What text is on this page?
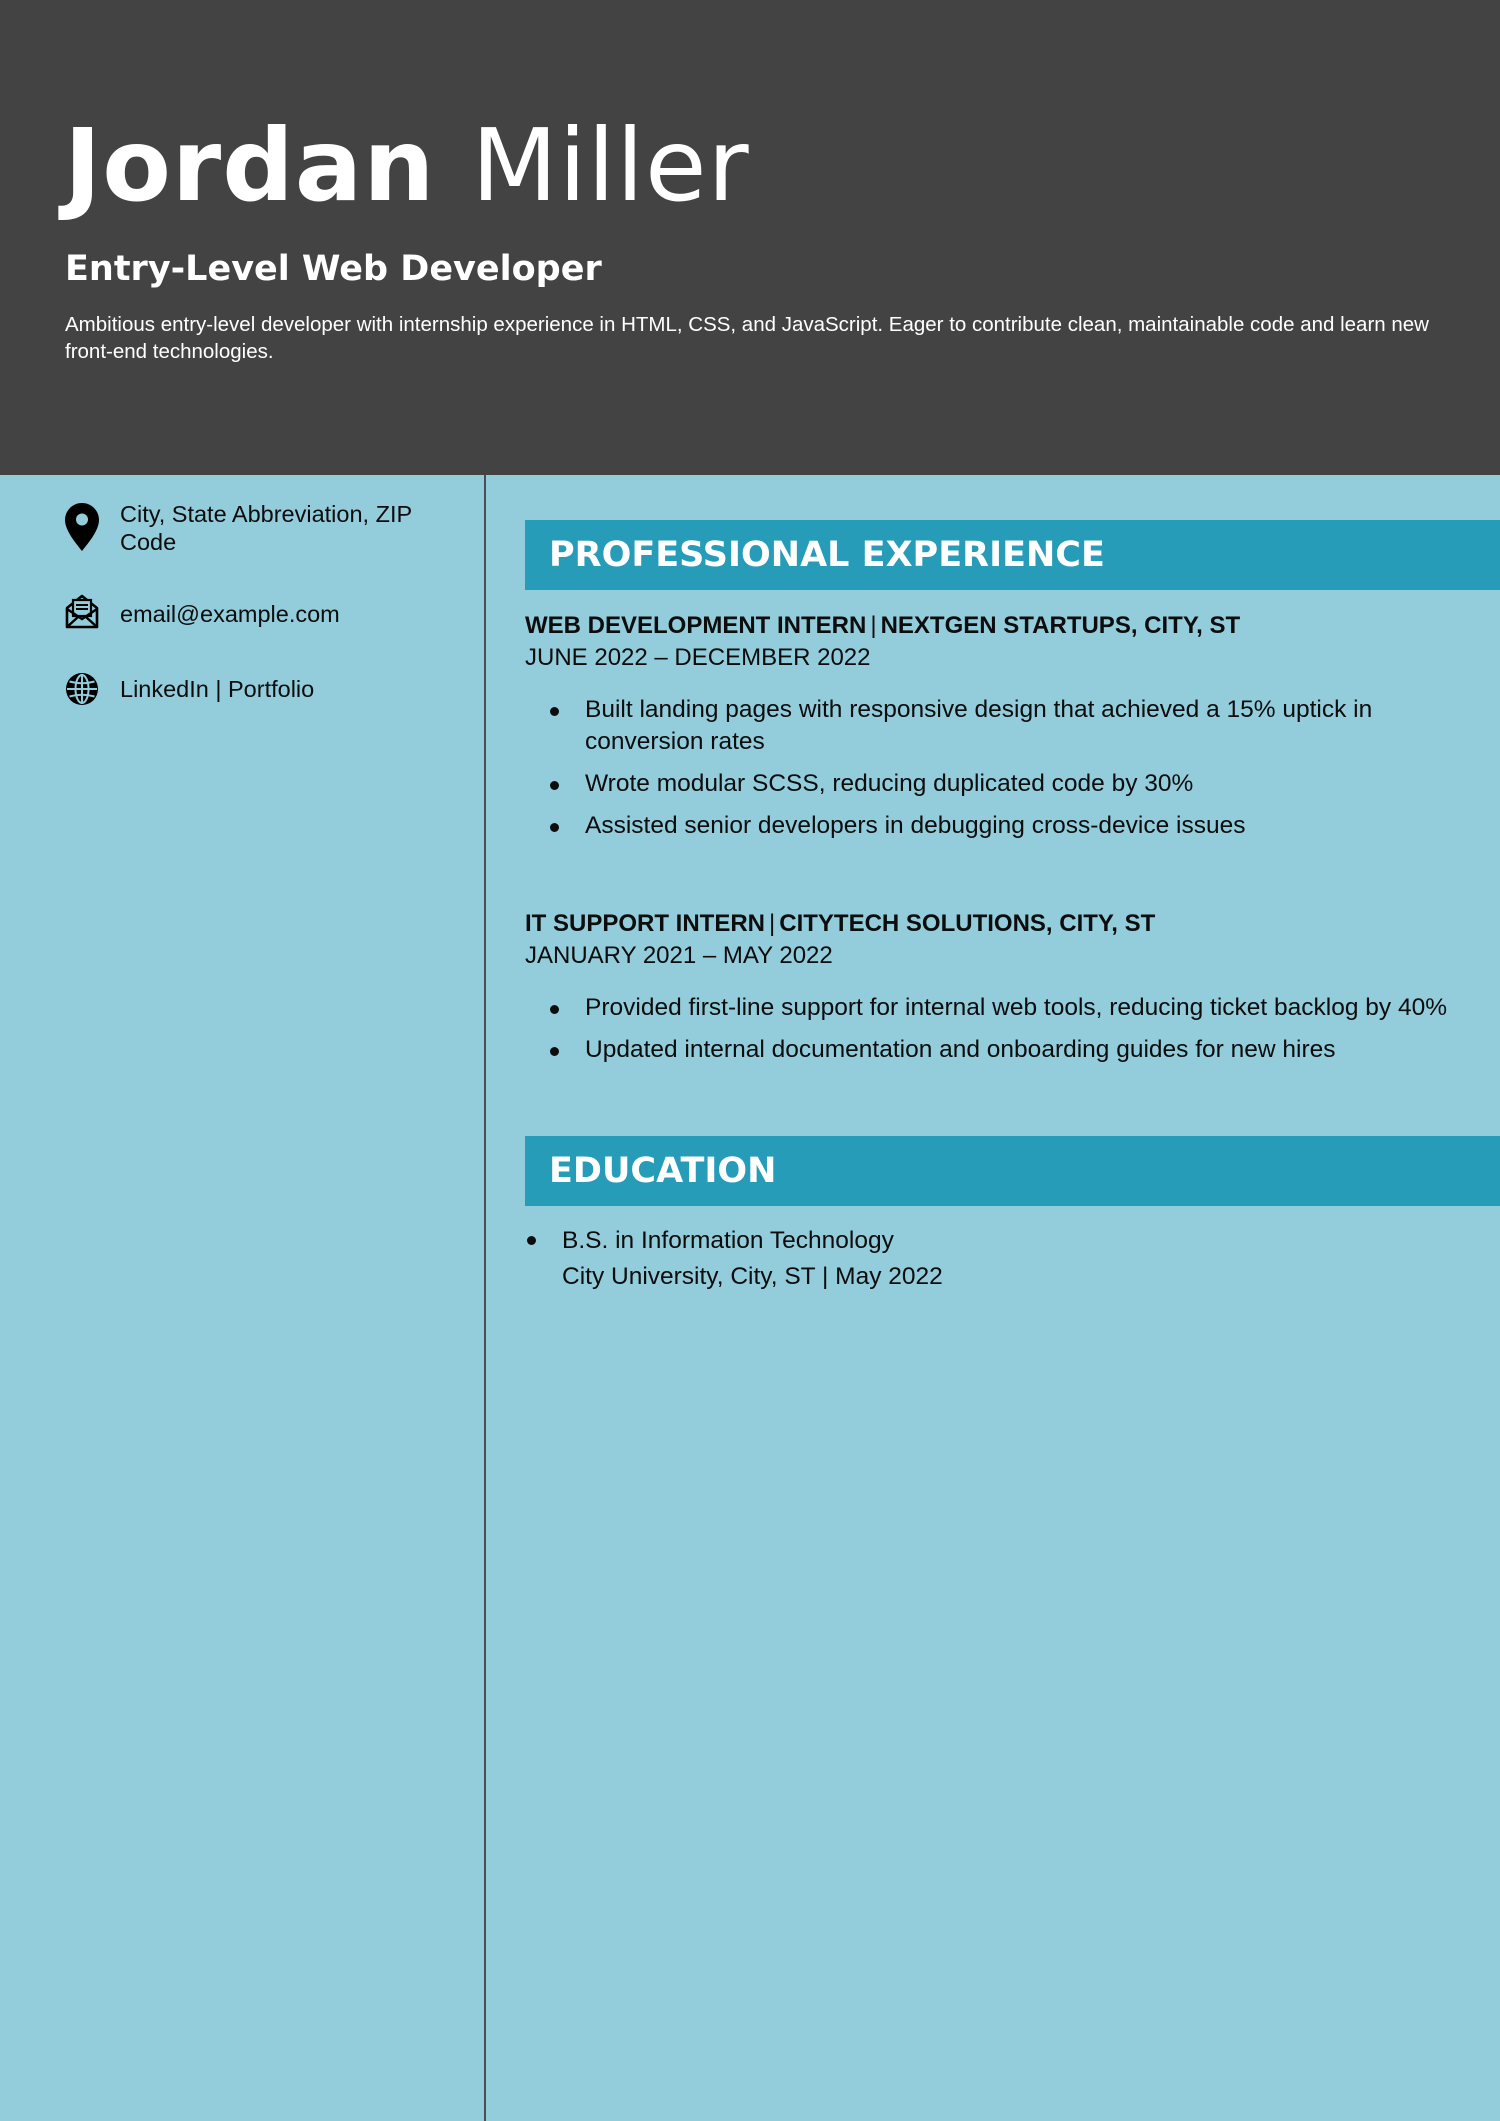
Jordan Miller
Entry-Level Web Developer

Ambitious entry-level developer with internship experience in HTML, CSS, and JavaScript. Eager to contribute clean, maintainable code and learn new front-end technologies.

City, State Abbreviation, ZIP Code
email@example.com
LinkedIn | Portfolio
PROFESSIONAL EXPERIENCE
WEB DEVELOPMENT INTERN | NEXTGEN STARTUPS, CITY, ST
JUNE 2022 – DECEMBER 2022
Built landing pages with responsive design that achieved a 15% uptick in conversion rates
Wrote modular SCSS, reducing duplicated code by 30%
Assisted senior developers in debugging cross-device issues
IT SUPPORT INTERN | CITYTECH SOLUTIONS, CITY, ST
JANUARY 2021 – MAY 2022
Provided first-line support for internal web tools, reducing ticket backlog by 40%
Updated internal documentation and onboarding guides for new hires
EDUCATION
B.S. in Information Technology
City University, City, ST | May 2022
